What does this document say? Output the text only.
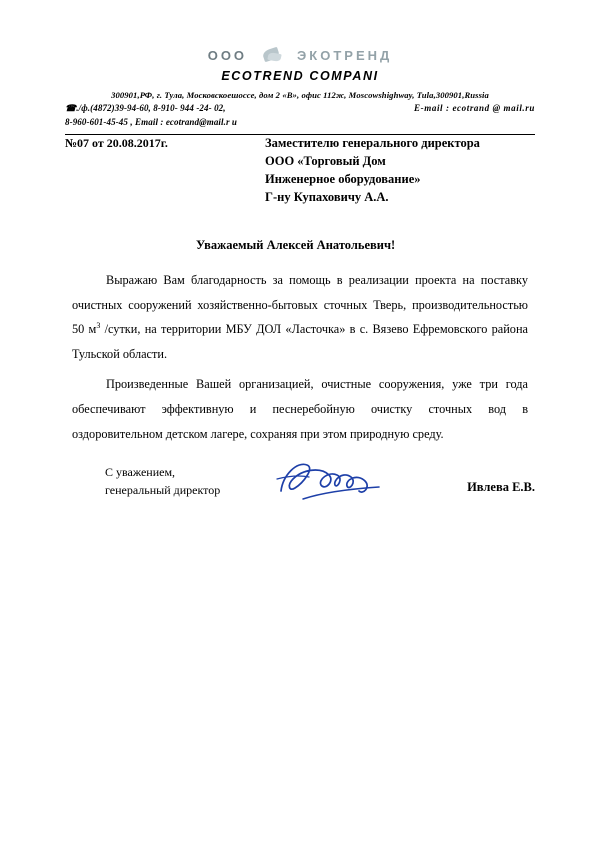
ООО	ЭКОТРЕНД
ECOTREND COMPANI
300901,РФ, г. Тула, Московскоешоссе, дом 2 «В», офис 112ж, Moscowshighway, Tula,300901,Russia
☎./ф.(4872)39-94-60, 8-910- 944 -24- 02,
8-960-601-45-45 , Email : ecotrand@mail.r u
E-mail : ecotrand @ mail.ru
№07 от 20.08.2017г.	Заместителю генерального директора
ООО «Торговый Дом
Инженерное оборудование»
Г-ну Купаховичу А.А.
Уважаемый Алексей Анатольевич!

Выражаю Вам благодарность за помощь в реализации проекта на поставку очистных сооружений хозяйственно-бытовых сточных Тверь, производительностью 50 $м^3$ /сутки, на территории МБУ ДОЛ «Ласточка» в с. Вязево Ефремовского района Тульской области.

Произведенные Вашей организацией, очистные сооружения, уже три года обеспечивают эффективную и песнеребойную очистку сточных вод в оздоровительном детском лагере, сохраняя при этом природную среду.

С уважением,
генеральный директор	Ивлева Е.В.
